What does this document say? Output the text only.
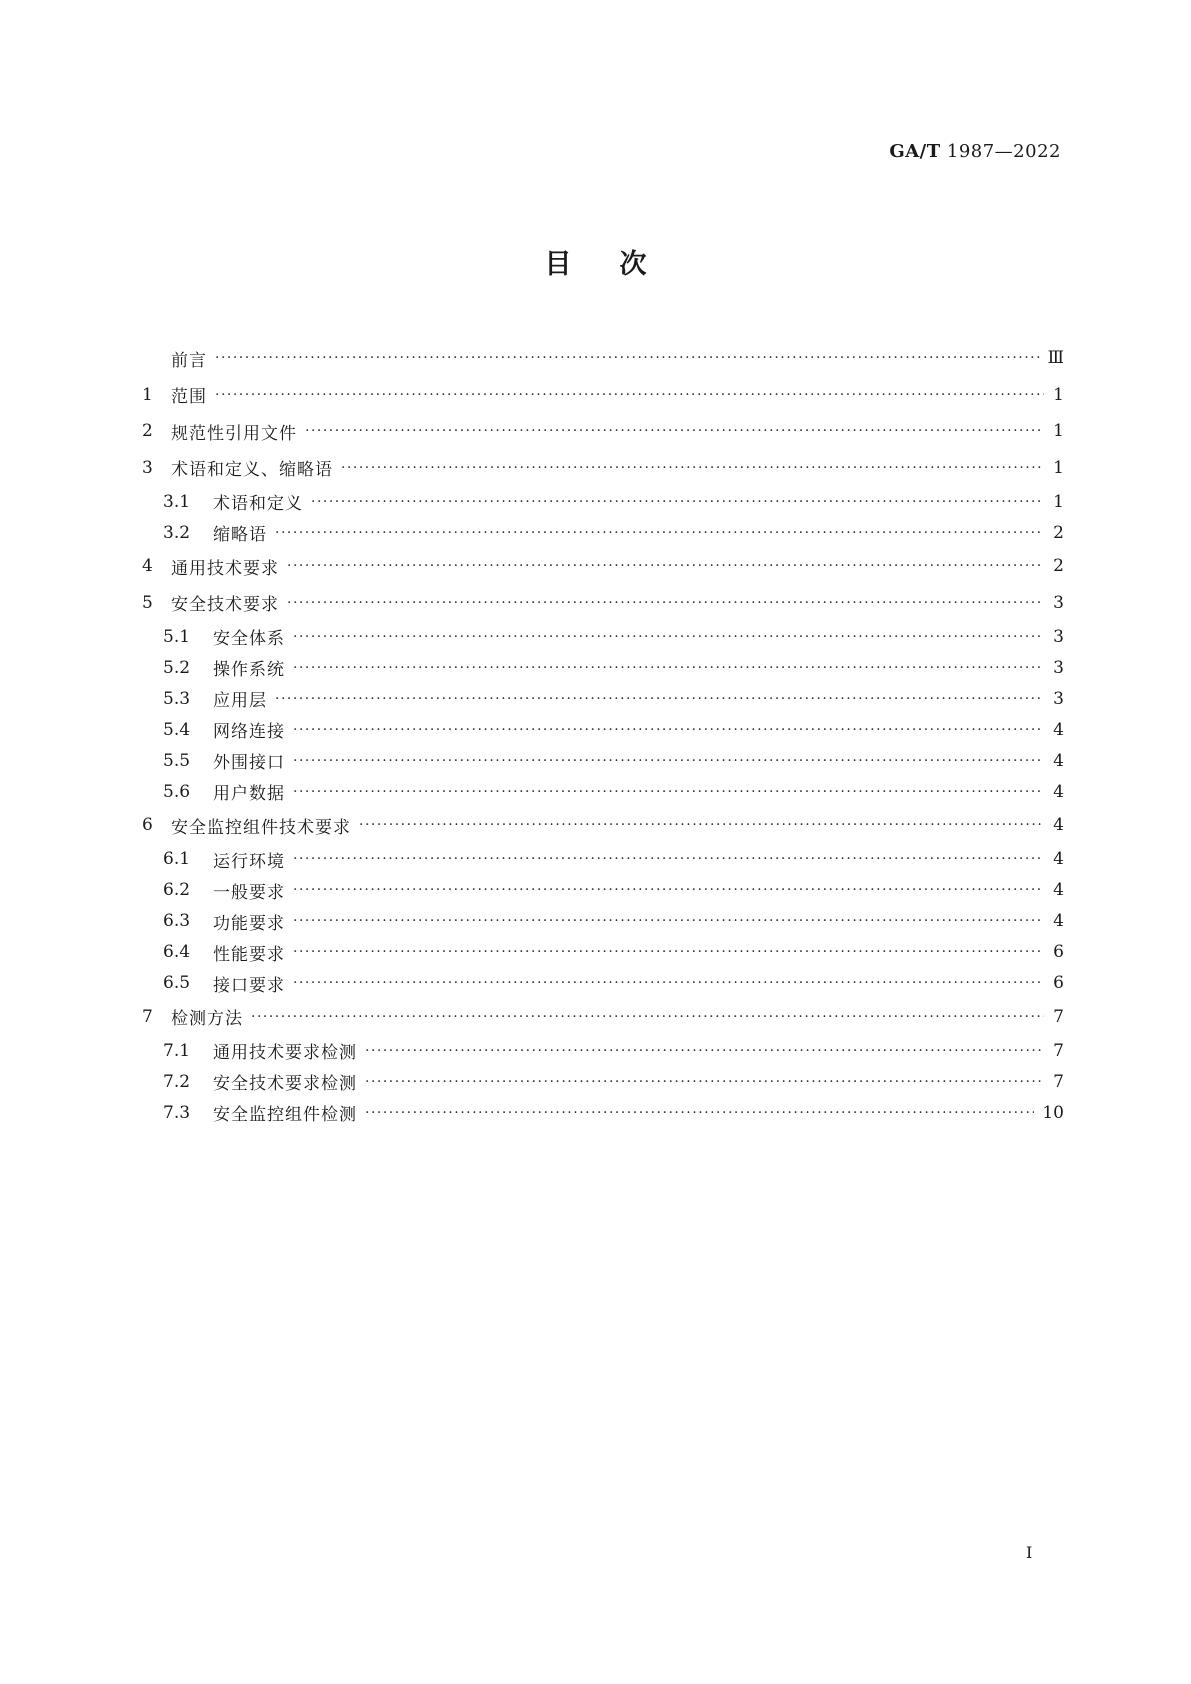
GA/T 1987—2022
目次
前言 ·····	Ⅲ
1	范围 ·····	1
2	规范性引用文件 ·····	1
3	术语和定义、缩略语 ·····	1
3.1	术语和定义 ·····	1
3.2	缩略语 ·····	2
4	通用技术要求 ·····	2
5	安全技术要求 ·····	3
5.1	安全体系 ·····	3
5.2	操作系统 ·····	3
5.3	应用层 ·····	3
5.4	网络连接 ·····	4
5.5	外围接口 ·····	4
5.6	用户数据 ·····	4
6	安全监控组件技术要求 ·····	4
6.1	运行环境 ·····	4
6.2	一般要求 ·····	4
6.3	功能要求 ·····	4
6.4	性能要求 ·····	6
6.5	接口要求 ·····	6
7	检测方法 ·····	7
7.1	通用技术要求检测 ·····	7
7.2	安全技术要求检测 ·····	7
7.3	安全监控组件检测 ·····	10
I
